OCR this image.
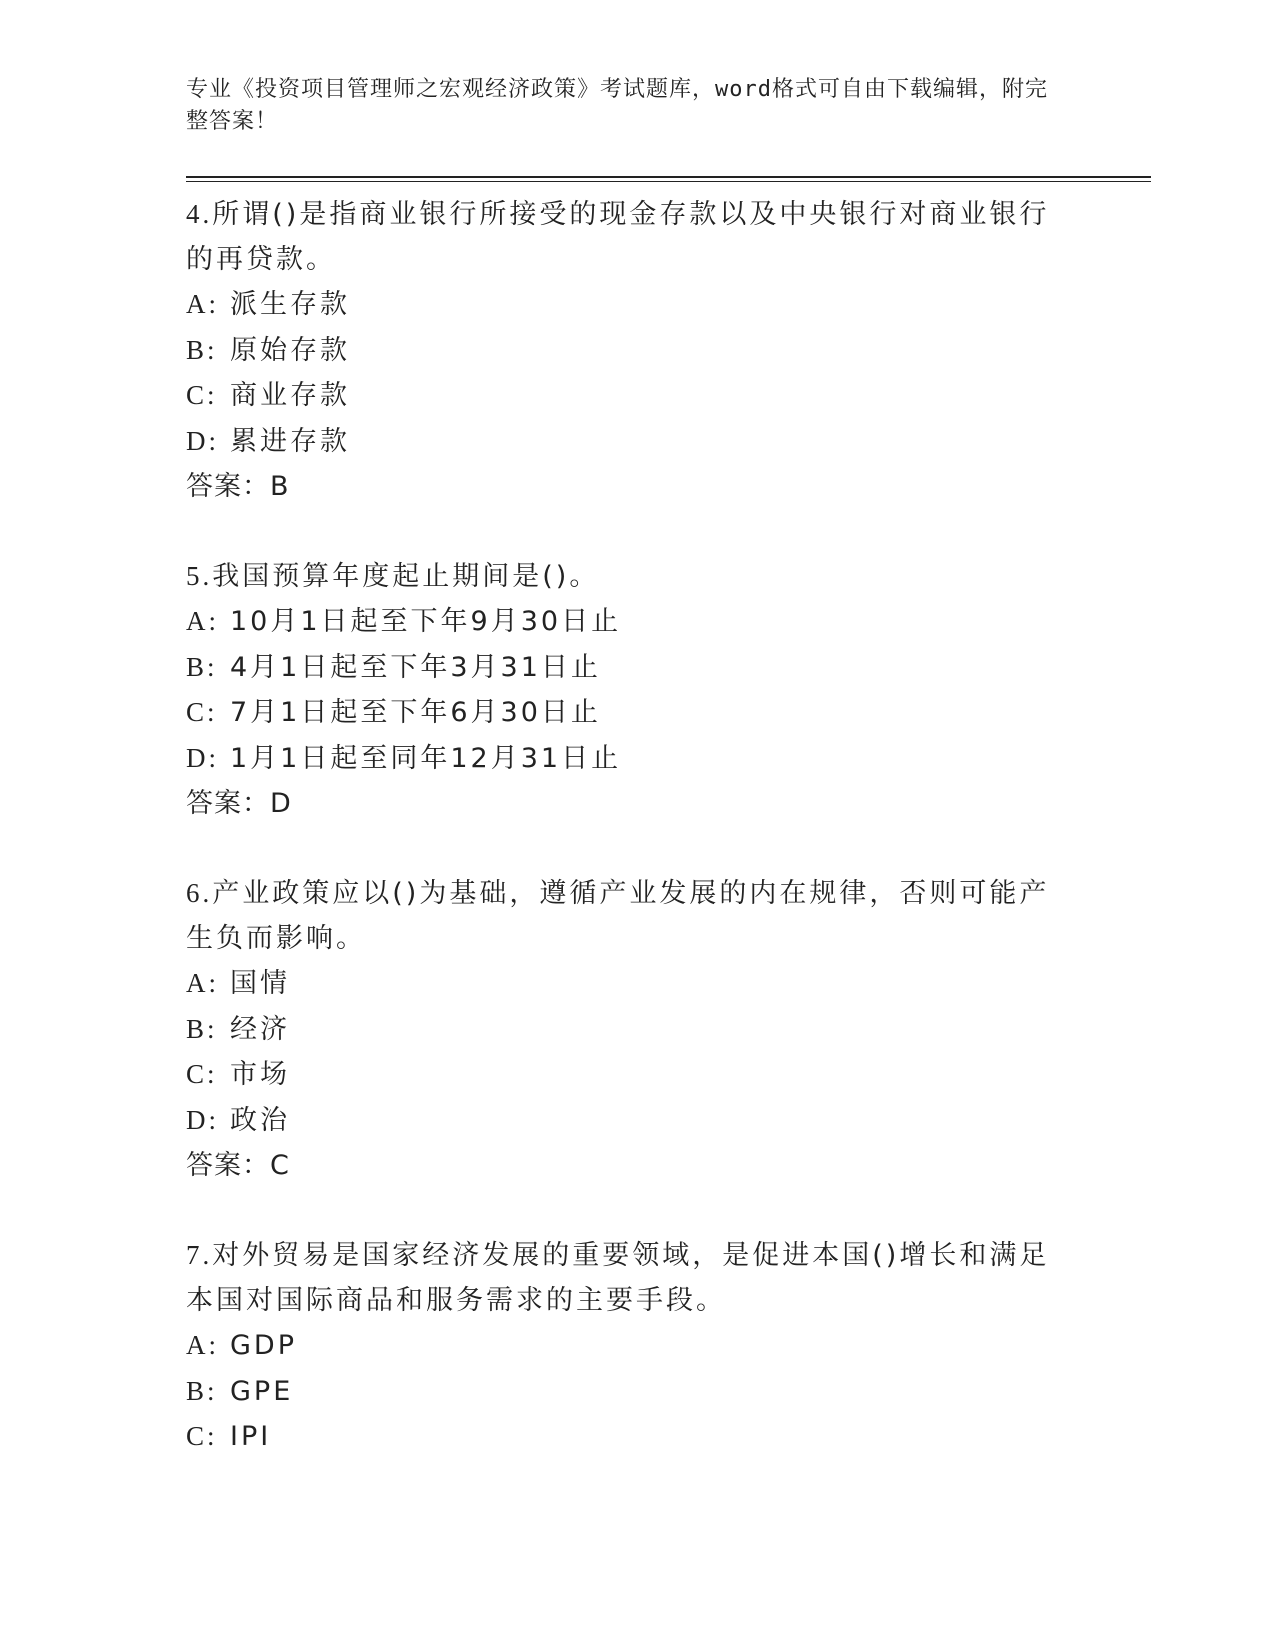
专业《投资项目管理师之宏观经济政策》考试题库，word格式可自由下载编辑，附完整答案！

4.所谓()是指商业银行所接受的现金存款以及中央银行对商业银行的再贷款。

A: 派生存款

B: 原始存款

C: 商业存款

D: 累进存款

答案：B

5.我国预算年度起止期间是()。

A: 10月1日起至下年9月30日止

B: 4月1日起至下年3月31日止

C: 7月1日起至下年6月30日止

D: 1月1日起至同年12月31日止

答案：D

6.产业政策应以()为基础，遵循产业发展的内在规律，否则可能产生负而影响。

A: 国情

B: 经济

C: 市场

D: 政治

答案：C

7.对外贸易是国家经济发展的重要领域，是促进本国()增长和满足本国对国际商品和服务需求的主要手段。

A: GDP

B: GPE

C: IPI
